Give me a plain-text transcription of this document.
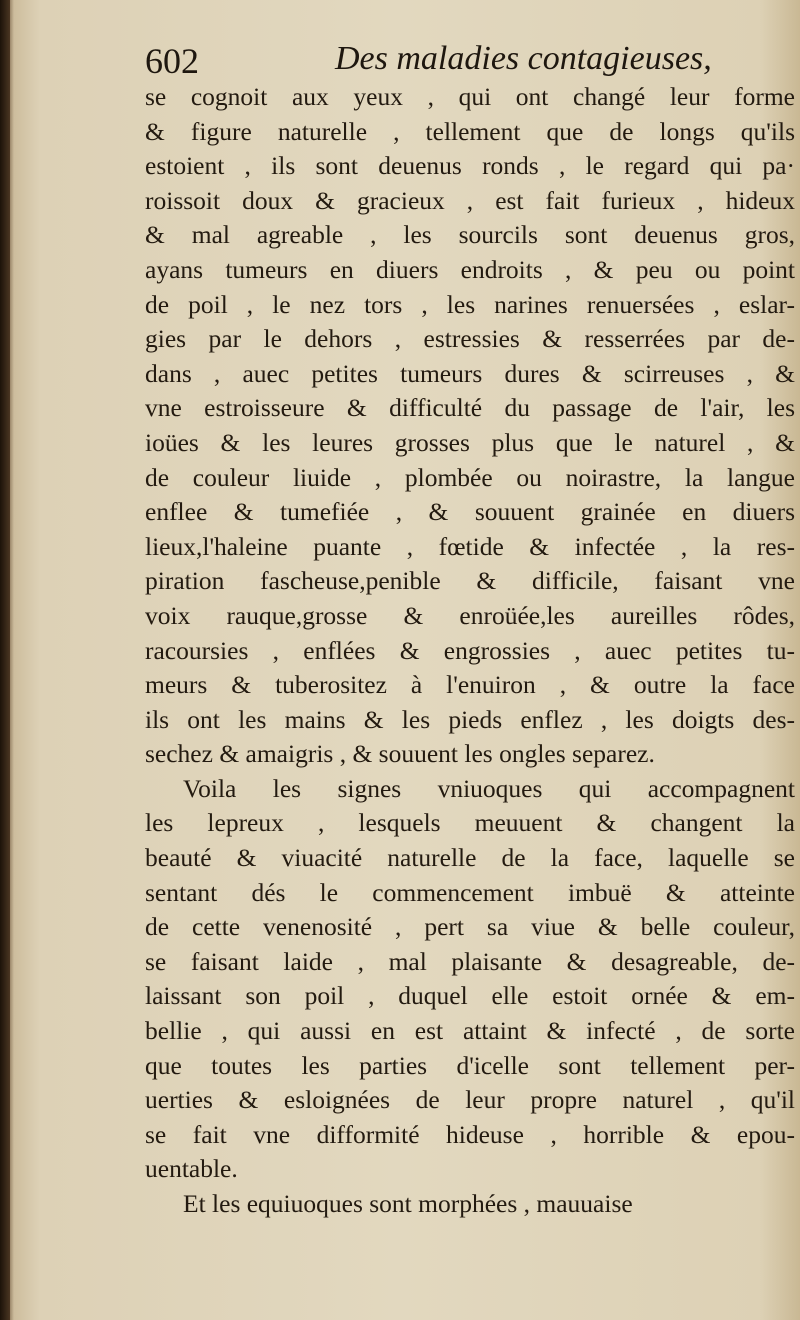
602	Des maladies contagieuses,
se cognoit aux yeux , qui ont changé leur forme
& figure naturelle , tellement que de longs qu'ils
estoient , ils sont deuenus ronds , le regard qui pa·
roissoit doux & gracieux , est fait furieux , hideux
& mal agreable , les sourcils sont deuenus gros,
ayans tumeurs en diuers endroits , & peu ou point
de poil , le nez tors , les narines renuersées , eslar-
gies par le dehors , estressies & resserrées par de-
dans , auec petites tumeurs dures & scirreuses , &
vne estroisseure & difficulté du passage de l'air, les
ioües & les leures grosses plus que le naturel , &
de couleur liuide , plombée ou noirastre, la langue
enflee & tumefiée , & souuent grainée en diuers
lieux,l'haleine puante , fœtide & infectée , la res-
piration fascheuse,penible & difficile, faisant vne
voix rauque,grosse & enroüée,les aureilles rôdes,
racoursies , enflées & engrossies , auec petites tu-
meurs & tuberositez à l'enuiron , & outre la face
ils ont les mains & les pieds enflez , les doigts des-
sechez & amaigris , & souuent les ongles separez.
Voila les signes vniuoques qui accompagnent
les lepreux , lesquels meuuent & changent la
beauté & viuacité naturelle de la face, laquelle se
sentant dés le commencement imbuë & atteinte
de cette venenosité , pert sa viue & belle couleur,
se faisant laide , mal plaisante & desagreable, de-
laissant son poil , duquel elle estoit ornée & em-
bellie , qui aussi en est attaint & infecté , de sorte
que toutes les parties d'icelle sont tellement per-
uerties & esloignées de leur propre naturel , qu'il
se fait vne difformité hideuse , horrible & epou-
uentable.
Et les equiuoques sont morphées , mauuaise
